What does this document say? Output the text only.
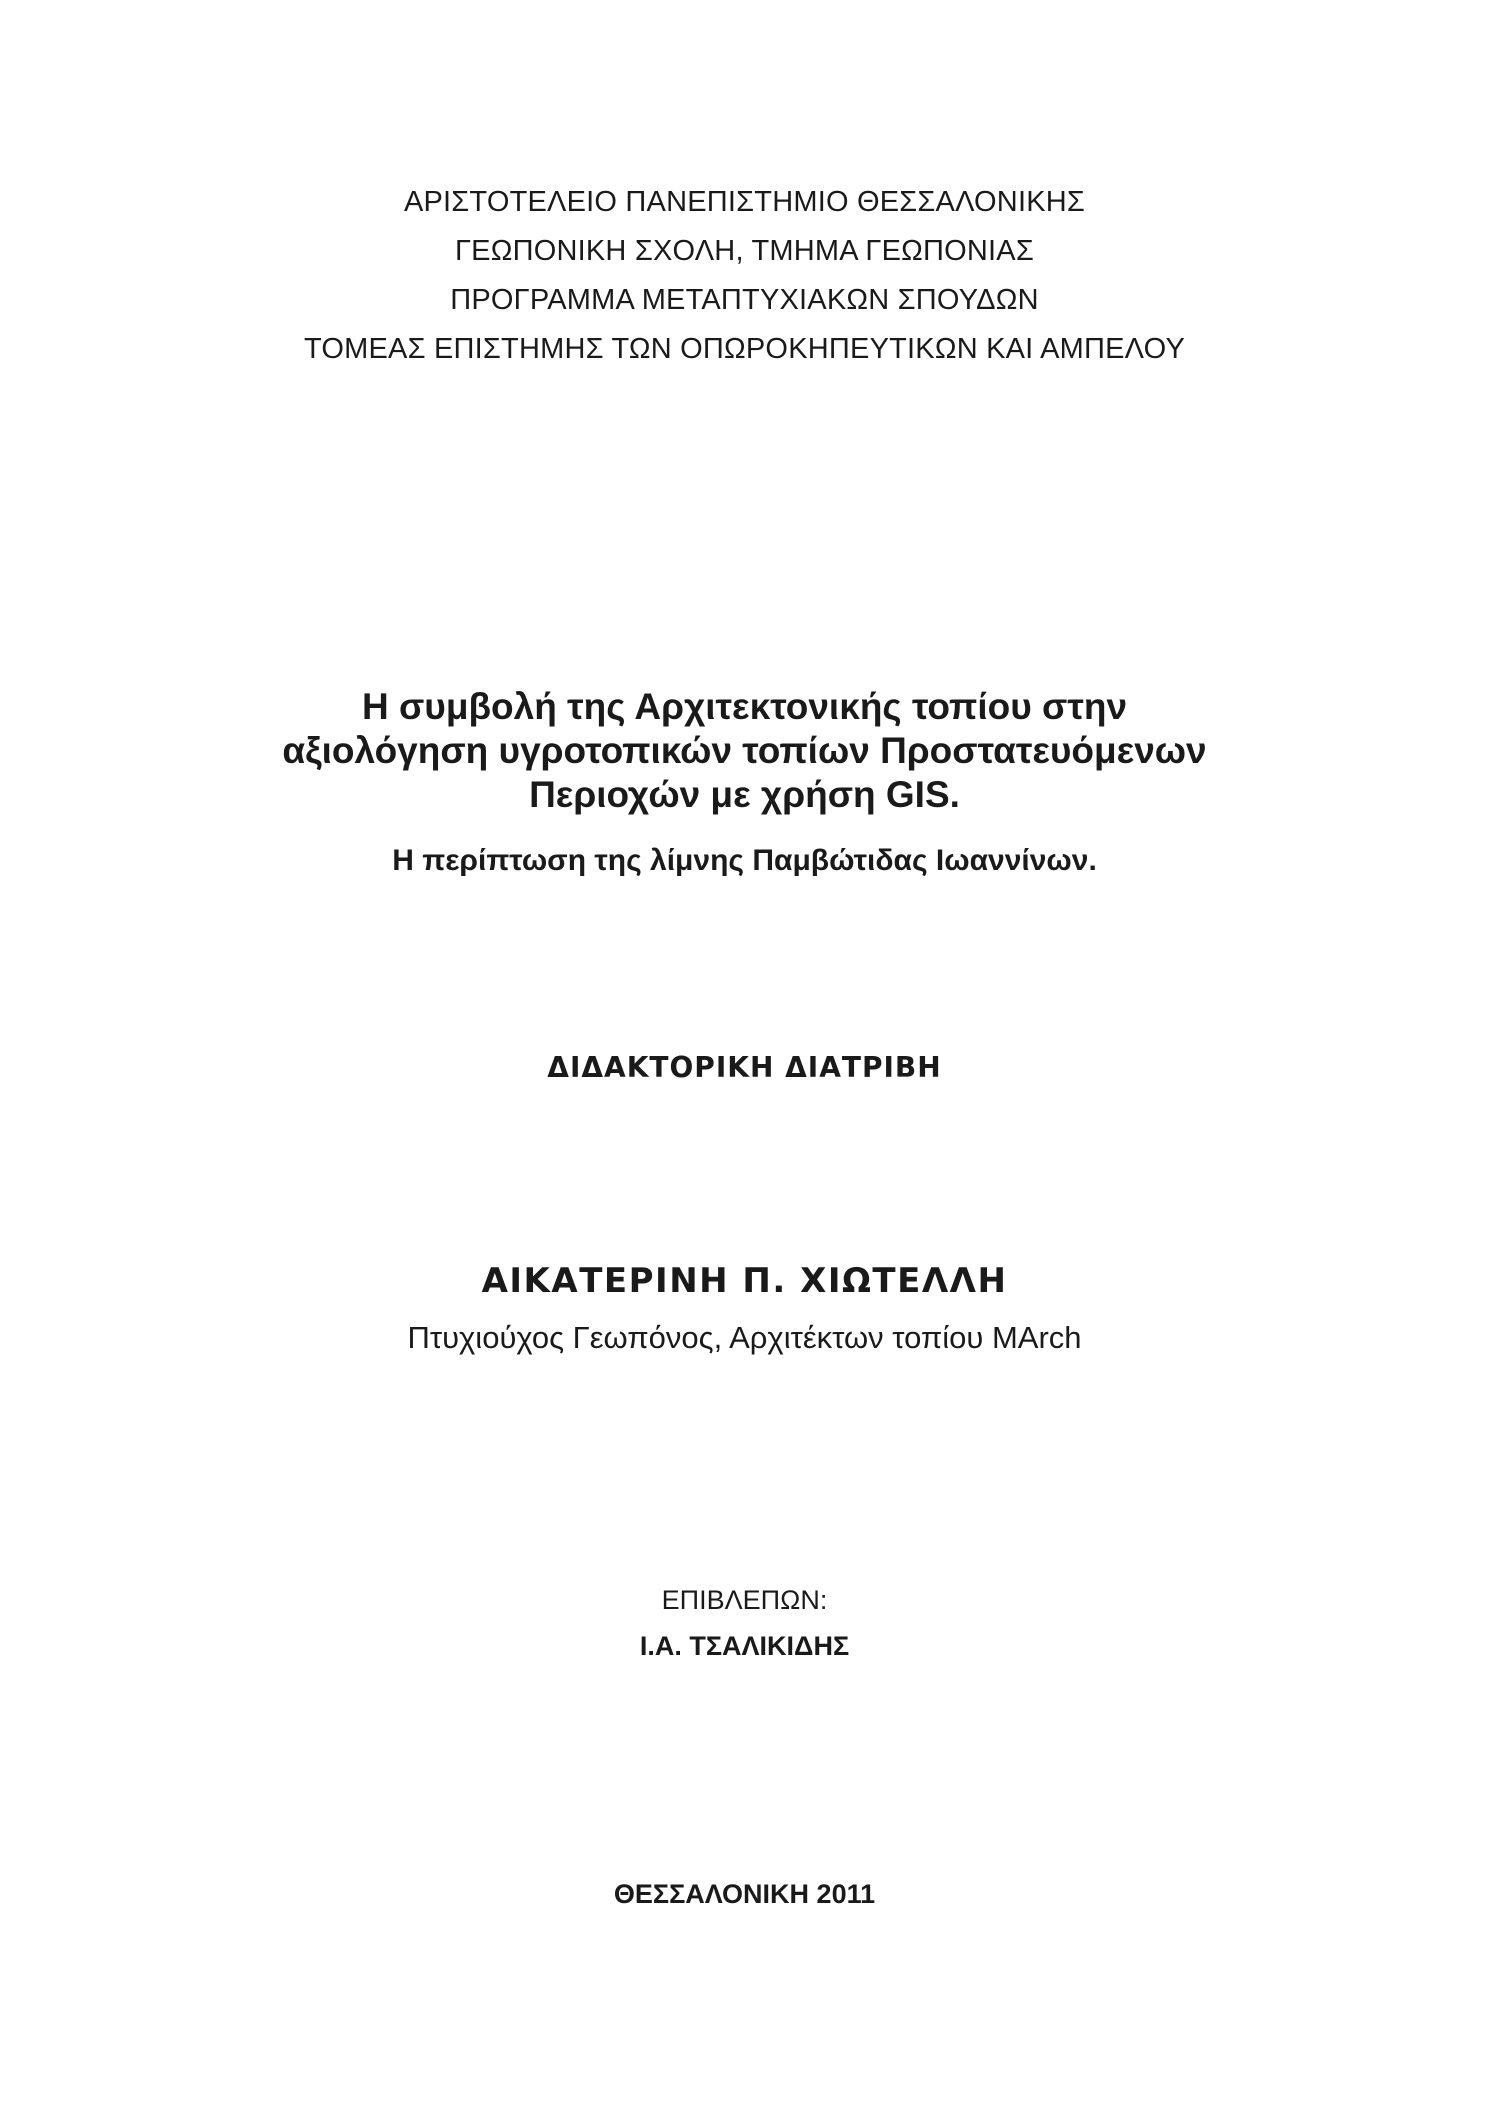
ΑΡΙΣΤΟΤΕΛΕΙΟ ΠΑΝΕΠΙΣΤΗΜΙΟ ΘΕΣΣΑΛΟΝΙΚΗΣ
ΓΕΩΠΟΝΙΚΗ ΣΧΟΛΗ, ΤΜΗΜΑ ΓΕΩΠΟΝΙΑΣ
ΠΡΟΓΡΑΜΜΑ ΜΕΤΑΠΤΥΧΙΑΚΩΝ ΣΠΟΥΔΩΝ
ΤΟΜΕΑΣ ΕΠΙΣΤΗΜΗΣ ΤΩΝ ΟΠΩΡΟΚΗΠΕΥΤΙΚΩΝ ΚΑΙ ΑΜΠΕΛΟΥ
Η συμβολή της Αρχιτεκτονικής τοπίου στην
αξιολόγηση υγροτοπικών τοπίων Προστατευόμενων
Περιοχών με χρήση GIS.
Η περίπτωση της λίμνης Παμβώτιδας Ιωαννίνων.
ΔΙΔΑΚΤΟΡΙΚΗ ΔΙΑΤΡΙΒΗ
ΑΙΚΑΤΕΡΙΝΗ Π. ΧΙΩΤΕΛΛΗ
Πτυχιούχος Γεωπόνος, Αρχιτέκτων τοπίου MArch
ΕΠΙΒΛΕΠΩΝ:
Ι.Α. ΤΣΑΛΙΚΙΔΗΣ
ΘΕΣΣΑΛΟΝΙΚΗ 2011
